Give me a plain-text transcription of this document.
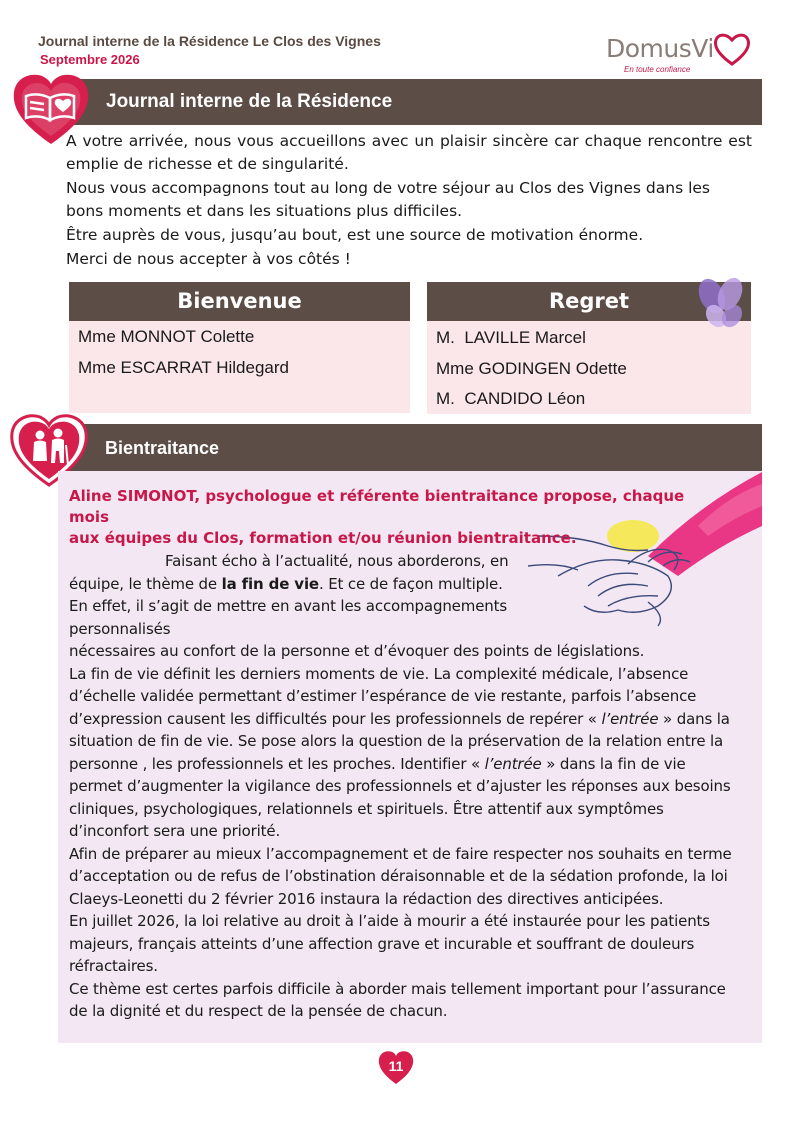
Journal interne de la Résidence Le Clos des Vignes
Septembre 2026	DomusVi
En toute confiance
Journal interne de la Résidence

A votre arrivée, nous vous accueillons avec un plaisir sincère car chaque rencontre est emplie de richesse et de singularité.

Nous vous accompagnons tout au long de votre séjour au Clos des Vignes dans les bons moments et dans les situations plus difficiles.

Être auprès de vous, jusqu’au bout, est une source de motivation énorme.

Merci de nous accepter à vos côtés !

Bienvenue
Mme MONNOT Colette
Mme ESCARRAT Hildegard
Regret
M.  LAVILLE Marcel
Mme GODINGEN Odette
M.  CANDIDO Léon
Bientraitance
Aline SIMONOT, psychologue et référente bientraitance propose, chaque mois
aux équipes du Clos, formation et/ou réunion bientraitance.
Faisant écho à l’actualité, nous aborderons, en
équipe, le thème de la fin de vie. Et ce de façon multiple.
En effet, il s’agit de mettre en avant les accompagnements
personnalisés
nécessaires au confort de la personne et d’évoquer des points de législations.
La fin de vie définit les derniers moments de vie. La complexité médicale, l’absence
d’échelle validée permettant d’estimer l’espérance de vie restante, parfois l’absence
d’expression causent les difficultés pour les professionnels de repérer « l’entrée » dans la
situation de fin de vie. Se pose alors la question de la préservation de la relation entre la
personne , les professionnels et les proches. Identifier « l’entrée » dans la fin de vie
permet d’augmenter la vigilance des professionnels et d’ajuster les réponses aux besoins
cliniques, psychologiques, relationnels et spirituels. Être attentif aux symptômes
d’inconfort sera une priorité.
Afin de préparer au mieux l’accompagnement et de faire respecter nos souhaits en terme
d’acceptation ou de refus de l’obstination déraisonnable et de la sédation profonde, la loi
Claeys-Leonetti du 2 février 2016 instaura la rédaction des directives anticipées.
En juillet 2026, la loi relative au droit à l’aide à mourir a été instaurée pour les patients
majeurs, français atteints d’une affection grave et incurable et souffrant de douleurs
réfractaires.
Ce thème est certes parfois difficile à aborder mais tellement important pour l’assurance
de la dignité et du respect de la pensée de chacun.
11
